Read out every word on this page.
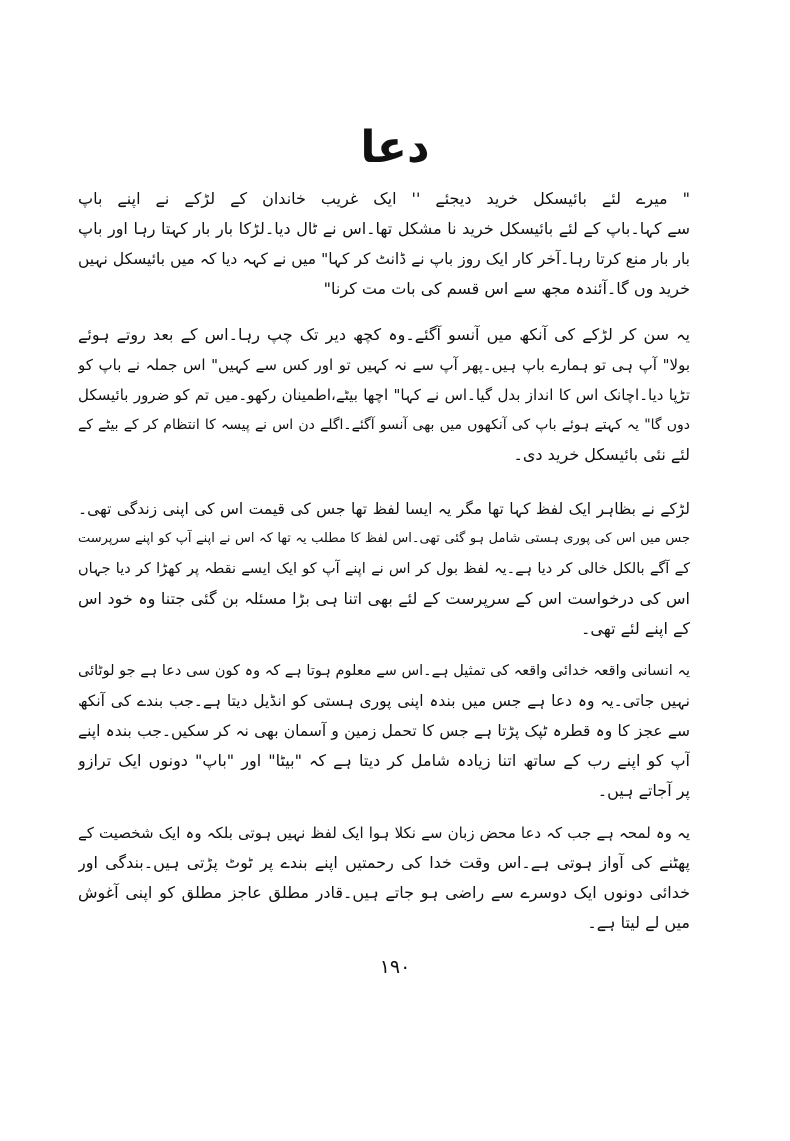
دعا
" میرے لئے بائیسکل خرید دیجئے '' ایک غریب خاندان کے لڑکے نے اپنے باپ
سے کہا۔باپ کے لئے بائیسکل خرید نا مشکل تھا۔اس نے ٹال دیا۔لڑکا بار بار کہتا رہا اور باپ
بار بار منع کرتا رہا۔آخر کار ایک روز باپ نے ڈانٹ کر کہا" میں نے کہہ دیا کہ میں بائیسکل نہیں
خرید وں گا۔آئندہ مجھ سے اس قسم کی بات مت کرنا"
یہ سن کر لڑکے کی آنکھ میں آنسو آگئے۔وہ کچھ دیر تک چپ رہا۔اس کے بعد روتے ہوئے
بولا" آپ ہی تو ہمارے باپ ہیں۔پھر آپ سے نہ کہیں تو اور کس سے کہیں" اس جملہ نے باپ کو
تڑپا دیا۔اچانک اس کا انداز بدل گیا۔اس نے کہا" اچھا بیٹے،اطمینان رکھو۔میں تم کو ضرور بائیسکل
دوں گا" یہ کہتے ہوئے باپ کی آنکھوں میں بھی آنسو آگئے۔اگلے دن اس نے پیسہ کا انتظام کر کے بیٹے کے
لئے نئی بائیسکل خرید دی۔
لڑکے نے بظاہر ایک لفظ کہا تھا مگر یہ ایسا لفظ تھا جس کی قیمت اس کی اپنی زندگی تھی۔
جس میں اس کی پوری ہستی شامل ہو گئی تھی۔اس لفظ کا مطلب یہ تھا کہ اس نے اپنے آپ کو اپنے سرپرست
کے آگے بالکل خالی کر دیا ہے۔یہ لفظ بول کر اس نے اپنے آپ کو ایک ایسے نقطہ پر کھڑا کر دیا جہاں
اس کی درخواست اس کے سرپرست کے لئے بھی اتنا ہی بڑا مسئلہ بن گئی جتنا وہ خود اس
کے اپنے لئے تھی۔
یہ انسانی واقعہ خدائی واقعہ کی تمثیل ہے۔اس سے معلوم ہوتا ہے کہ وہ کون سی دعا ہے جو لوٹائی
نہیں جاتی۔یہ وہ دعا ہے جس میں بندہ اپنی پوری ہستی کو انڈیل دیتا ہے۔جب بندے کی آنکھ
سے عجز کا وہ قطرہ ٹپک پڑتا ہے جس کا تحمل زمین و آسمان بھی نہ کر سکیں۔جب بندہ اپنے
آپ کو اپنے رب کے ساتھ اتنا زیادہ شامل کر دیتا ہے کہ "بیٹا" اور "باپ" دونوں ایک ترازو
پر آجاتے ہیں۔
یہ وہ لمحہ ہے جب کہ دعا محض زبان سے نکلا ہوا ایک لفظ نہیں ہوتی بلکہ وہ ایک شخصیت کے
پھٹنے کی آواز ہوتی ہے۔اس وقت خدا کی رحمتیں اپنے بندے پر ٹوٹ پڑتی ہیں۔بندگی اور
خدائی دونوں ایک دوسرے سے راضی ہو جاتے ہیں۔قادر مطلق عاجز مطلق کو اپنی آغوش
میں لے لیتا ہے۔
۱۹۰
